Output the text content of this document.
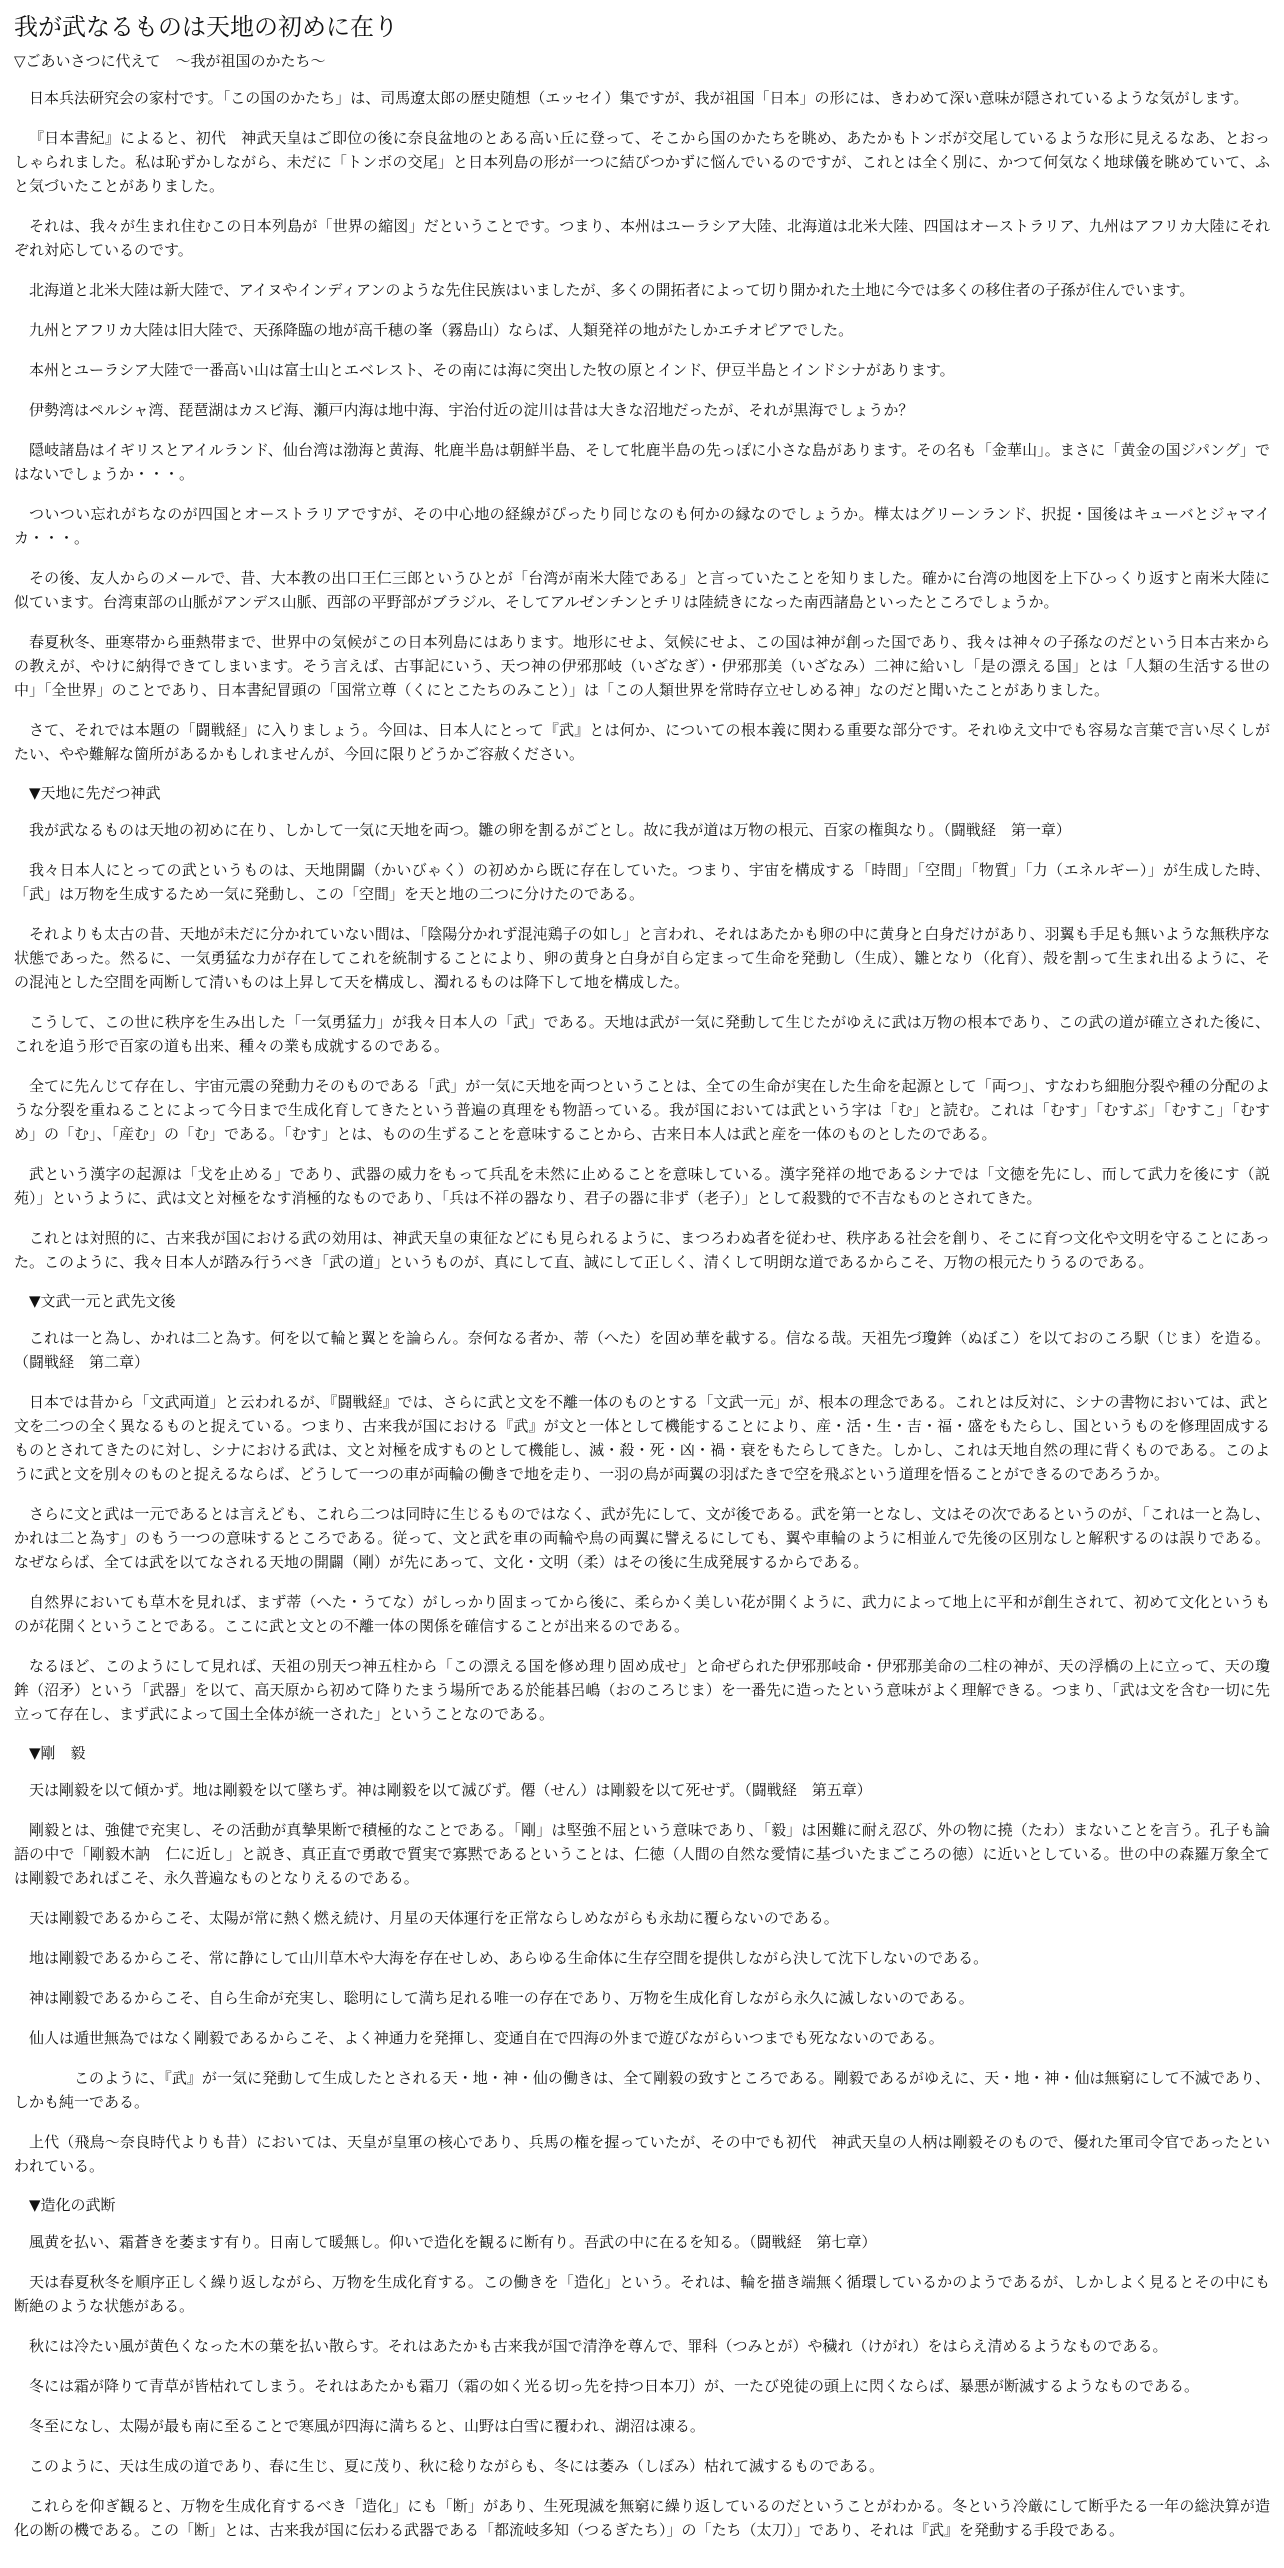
我が武なるものは天地の初めに在り
▽ごあいさつに代えて　～我が祖国のかたち～

日本兵法研究会の家村です。「この国のかたち」は、司馬遼太郎の歴史随想（エッセイ）集ですが、我が祖国「日本」の形には、きわめて深い意味が隠されているような気がします。

『日本書紀』によると、初代　神武天皇はご即位の後に奈良盆地のとある高い丘に登って、そこから国のかたちを眺め、あたかもトンボが交尾しているような形に見えるなあ、とおっしゃられました。私は恥ずかしながら、未だに「トンボの交尾」と日本列島の形が一つに結びつかずに悩んでいるのですが、これとは全く別に、かつて何気なく地球儀を眺めていて、ふと気づいたことがありました。

それは、我々が生まれ住むこの日本列島が「世界の縮図」だということです。つまり、本州はユーラシア大陸、北海道は北米大陸、四国はオーストラリア、九州はアフリカ大陸にそれぞれ対応しているのです。

北海道と北米大陸は新大陸で、アイヌやインディアンのような先住民族はいましたが、多くの開拓者によって切り開かれた土地に今では多くの移住者の子孫が住んでいます。

九州とアフリカ大陸は旧大陸で、天孫降臨の地が高千穂の峯（霧島山）ならば、人類発祥の地がたしかエチオピアでした。

本州とユーラシア大陸で一番高い山は富士山とエベレスト、その南には海に突出した牧の原とインド、伊豆半島とインドシナがあります。

伊勢湾はペルシャ湾、琵琶湖はカスピ海、瀬戸内海は地中海、宇治付近の淀川は昔は大きな沼地だったが、それが黒海でしょうか？

隠岐諸島はイギリスとアイルランド、仙台湾は渤海と黄海、牝鹿半島は朝鮮半島、そして牝鹿半島の先っぽに小さな島があります。その名も「金華山」。まさに「黄金の国ジパング」ではないでしょうか・・・。

ついつい忘れがちなのが四国とオーストラリアですが、その中心地の経線がぴったり同じなのも何かの縁なのでしょうか。樺太はグリーンランド、択捉・国後はキューバとジャマイカ・・・。

その後、友人からのメールで、昔、大本教の出口王仁三郎というひとが「台湾が南米大陸である」と言っていたことを知りました。確かに台湾の地図を上下ひっくり返すと南米大陸に似ています。台湾東部の山脈がアンデス山脈、西部の平野部がブラジル、そしてアルゼンチンとチリは陸続きになった南西諸島といったところでしょうか。

春夏秋冬、亜寒帯から亜熱帯まで、世界中の気候がこの日本列島にはあります。地形にせよ、気候にせよ、この国は神が創った国であり、我々は神々の子孫なのだという日本古来からの教えが、やけに納得できてしまいます。そう言えば、古事記にいう、天つ神の伊邪那岐（いざなぎ）・伊邪那美（いざなみ）二神に給いし「是の漂える国」とは「人類の生活する世の中」「全世界」のことであり、日本書紀冒頭の「国常立尊（くにとこたちのみこと）」は「この人類世界を常時存立せしめる神」なのだと聞いたことがありました。

さて、それでは本題の「闘戦経」に入りましょう。今回は、日本人にとって『武』とは何か、についての根本義に関わる重要な部分です。それゆえ文中でも容易な言葉で言い尽くしがたい、やや難解な箇所があるかもしれませんが、今回に限りどうかご容赦ください。

▼天地に先だつ神武

我が武なるものは天地の初めに在り、しかして一気に天地を両つ。雛の卵を割るがごとし。故に我が道は万物の根元、百家の権與なり。（闘戦経　第一章）

我々日本人にとっての武というものは、天地開闢（かいびゃく）の初めから既に存在していた。つまり、宇宙を構成する「時間」「空間」「物質」「力（エネルギー）」が生成した時、「武」は万物を生成するため一気に発動し、この「空間」を天と地の二つに分けたのである。

それよりも太古の昔、天地が未だに分かれていない間は、「陰陽分かれず混沌鶏子の如し」と言われ、それはあたかも卵の中に黄身と白身だけがあり、羽翼も手足も無いような無秩序な状態であった。然るに、一気勇猛な力が存在してこれを統制することにより、卵の黄身と白身が自ら定まって生命を発動し（生成）、雛となり（化育）、殻を割って生まれ出るように、その混沌とした空間を両断して清いものは上昇して天を構成し、濁れるものは降下して地を構成した。

こうして、この世に秩序を生み出した「一気勇猛力」が我々日本人の「武」である。天地は武が一気に発動して生じたがゆえに武は万物の根本であり、この武の道が確立された後に、これを追う形で百家の道も出来、種々の業も成就するのである。

全てに先んじて存在し、宇宙元震の発動力そのものである「武」が一気に天地を両つということは、全ての生命が実在した生命を起源として「両つ」、すなわち細胞分裂や種の分配のような分裂を重ねることによって今日まで生成化育してきたという普遍の真理をも物語っている。我が国においては武という字は「む」と読む。これは「むす」「むすぶ」「むすこ」「むすめ」の「む」、「産む」の「む」である。「むす」とは、ものの生ずることを意味することから、古来日本人は武と産を一体のものとしたのである。

武という漢字の起源は「戈を止める」であり、武器の威力をもって兵乱を未然に止めることを意味している。漢字発祥の地であるシナでは「文徳を先にし、而して武力を後にす（説苑）」というように、武は文と対極をなす消極的なものであり、「兵は不祥の器なり、君子の器に非ず（老子）」として殺戮的で不吉なものとされてきた。

これとは対照的に、古来我が国における武の効用は、神武天皇の東征などにも見られるように、まつろわぬ者を従わせ、秩序ある社会を創り、そこに育つ文化や文明を守ることにあった。このように、我々日本人が踏み行うべき「武の道」というものが、真にして直、誠にして正しく、清くして明朗な道であるからこそ、万物の根元たりうるのである。

▼文武一元と武先文後

これは一と為し、かれは二と為す。何を以て輪と翼とを論らん。奈何なる者か、蒂（へた）を固め華を載する。信なる哉。天祖先づ瓊鉾（ぬぼこ）を以ておのころ駅（じま）を造る。（闘戦経　第二章）

日本では昔から「文武両道」と云われるが、『闘戦経』では、さらに武と文を不離一体のものとする「文武一元」が、根本の理念である。これとは反対に、シナの書物においては、武と文を二つの全く異なるものと捉えている。つまり、古来我が国における『武』が文と一体として機能することにより、産・活・生・吉・福・盛をもたらし、国というものを修理固成するものとされてきたのに対し、シナにおける武は、文と対極を成すものとして機能し、滅・殺・死・凶・禍・衰をもたらしてきた。しかし、これは天地自然の理に背くものである。このように武と文を別々のものと捉えるならば、どうして一つの車が両輪の働きで地を走り、一羽の鳥が両翼の羽ばたきで空を飛ぶという道理を悟ることができるのであろうか。

さらに文と武は一元であるとは言えども、これら二つは同時に生じるものではなく、武が先にして、文が後である。武を第一となし、文はその次であるというのが、「これは一と為し、かれは二と為す」のもう一つの意味するところである。従って、文と武を車の両輪や鳥の両翼に譬えるにしても、翼や車輪のように相並んで先後の区別なしと解釈するのは誤りである。なぜならば、全ては武を以てなされる天地の開闢（剛）が先にあって、文化・文明（柔）はその後に生成発展するからである。

自然界においても草木を見れば、まず蒂（へた・うてな）がしっかり固まってから後に、柔らかく美しい花が開くように、武力によって地上に平和が創生されて、初めて文化というものが花開くということである。ここに武と文との不離一体の関係を確信することが出来るのである。

なるほど、このようにして見れば、天祖の別天つ神五柱から「この漂える国を修め理り固め成せ」と命ぜられた伊邪那岐命・伊邪那美命の二柱の神が、天の浮橋の上に立って、天の瓊鉾（沼矛）という「武器」を以て、高天原から初めて降りたまう場所である於能碁呂嶋（おのころじま）を一番先に造ったという意味がよく理解できる。つまり、「武は文を含む一切に先立って存在し、まず武によって国土全体が統一された」ということなのである。

▼剛　毅

天は剛毅を以て傾かず。地は剛毅を以て墜ちず。神は剛毅を以て滅びず。僊（せん）は剛毅を以て死せず。（闘戦経　第五章）

剛毅とは、強健で充実し、その活動が真摯果断で積極的なことである。「剛」は堅強不屈という意味であり、「毅」は困難に耐え忍び、外の物に撓（たわ）まないことを言う。孔子も論語の中で「剛毅木訥　仁に近し」と説き、真正直で勇敢で質実で寡黙であるということは、仁徳（人間の自然な愛情に基づいたまごころの徳）に近いとしている。世の中の森羅万象全ては剛毅であればこそ、永久普遍なものとなりえるのである。

天は剛毅であるからこそ、太陽が常に熱く燃え続け、月星の天体運行を正常ならしめながらも永劫に覆らないのである。

地は剛毅であるからこそ、常に静にして山川草木や大海を存在せしめ、あらゆる生命体に生存空間を提供しながら決して沈下しないのである。

神は剛毅であるからこそ、自ら生命が充実し、聡明にして満ち足れる唯一の存在であり、万物を生成化育しながら永久に滅しないのである。

仙人は遁世無為ではなく剛毅であるからこそ、よく神通力を発揮し、変通自在で四海の外まで遊びながらいつまでも死なないのである。

このように、『武』が一気に発動して生成したとされる天・地・神・仙の働きは、全て剛毅の致すところである。剛毅であるがゆえに、天・地・神・仙は無窮にして不滅であり、しかも純一である。

上代（飛鳥～奈良時代よりも昔）においては、天皇が皇軍の核心であり、兵馬の権を握っていたが、その中でも初代　神武天皇の人柄は剛毅そのもので、優れた軍司令官であったといわれている。

▼造化の武断

風黄を払い、霜蒼きを萎ます有り。日南して暖無し。仰いで造化を観るに断有り。吾武の中に在るを知る。（闘戦経　第七章）

天は春夏秋冬を順序正しく繰り返しながら、万物を生成化育する。この働きを「造化」という。それは、輪を描き端無く循環しているかのようであるが、しかしよく見るとその中にも断絶のような状態がある。

秋には冷たい風が黄色くなった木の葉を払い散らす。それはあたかも古来我が国で清浄を尊んで、罪科（つみとが）や穢れ（けがれ）をはらえ清めるようなものである。

冬には霜が降りて青草が皆枯れてしまう。それはあたかも霜刀（霜の如く光る切っ先を持つ日本刀）が、一たび兇徒の頭上に閃くならば、暴悪が断滅するようなものである。

冬至になし、太陽が最も南に至ることで寒風が四海に満ちると、山野は白雪に覆われ、湖沼は凍る。

このように、天は生成の道であり、春に生じ、夏に茂り、秋に稔りながらも、冬には萎み（しぼみ）枯れて滅するものである。

これらを仰ぎ観ると、万物を生成化育するべき「造化」にも「断」があり、生死現滅を無窮に繰り返しているのだということがわかる。冬という冷厳にして断乎たる一年の総決算が造化の断の機である。この「断」とは、古来我が国に伝わる武器である「都流岐多知（つるぎたち）」の「たち（太刀）」であり、それは『武』を発動する手段である。
